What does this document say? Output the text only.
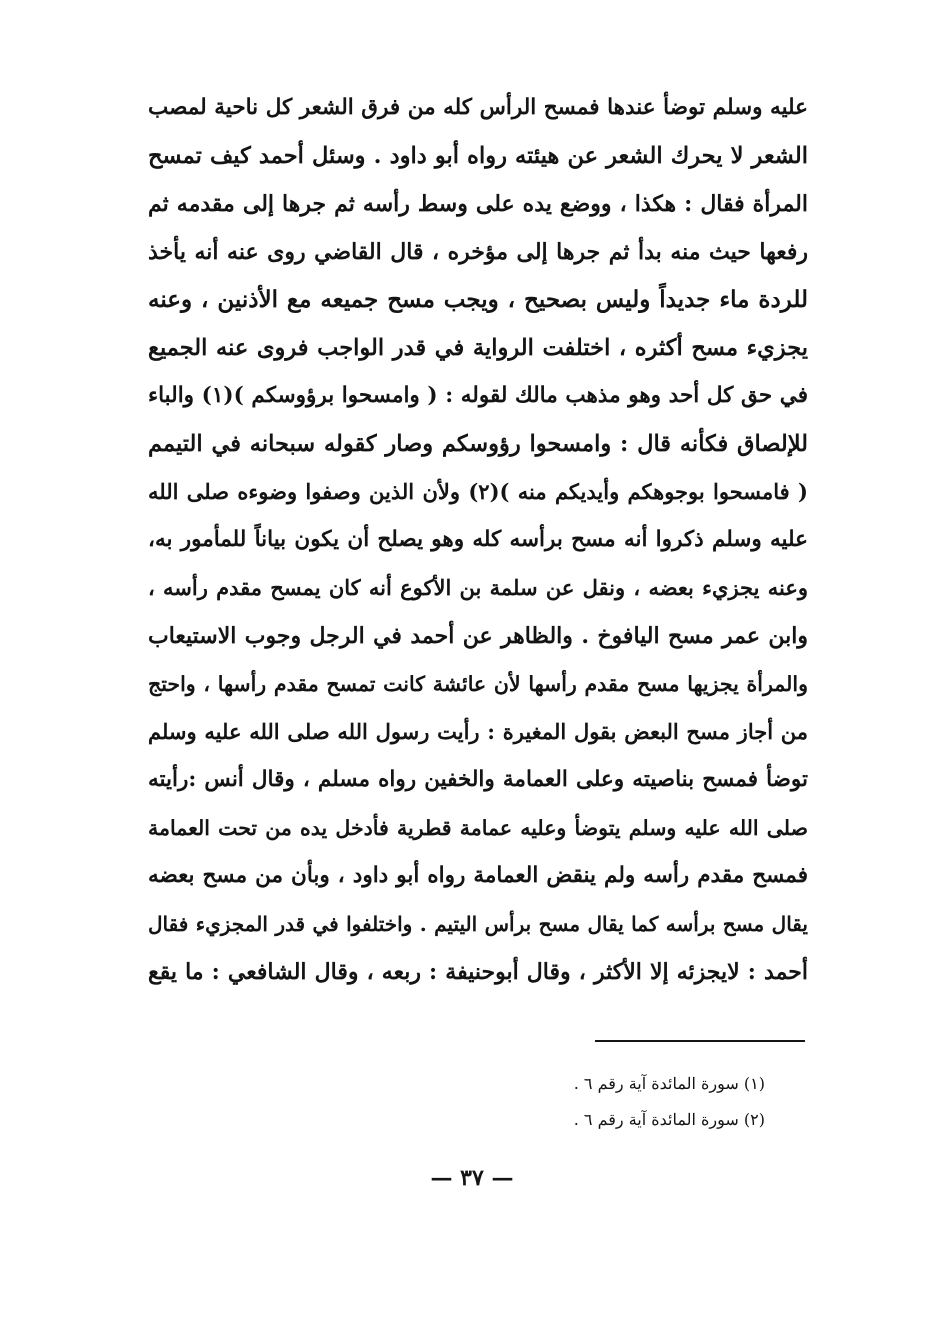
عليه وسلم توضأ عندها فمسح الرأس كله من فرق الشعر كل ناحية لمصب
الشعر لا يحرك الشعر عن هيئته رواه أبو داود . وسئل أحمد كيف تمسح
المرأة فقال : هكذا ، ووضع يده على وسط رأسه ثم جرها إلى مقدمه ثم
رفعها حيث منه بدأ ثم جرها إلى مؤخره ، قال القاضي روى عنه أنه يأخذ
للردة ماء جديداً وليس بصحيح ، ويجب مسح جميعه مع الأذنين ، وعنه
يجزيء مسح أكثره ، اختلفت الرواية في قدر الواجب فروى عنه الجميع
في حق كل أحد وهو مذهب مالك لقوله : ( وامسحوا برؤوسكم )(١) والباء
للإلصاق فكأنه قال : وامسحوا رؤوسكم وصار كقوله سبحانه في التيمم
( فامسحوا بوجوهكم وأيديكم منه )(٢) ولأن الذين وصفوا وضوءه صلى الله
عليه وسلم ذكروا أنه مسح برأسه كله وهو يصلح أن يكون بياناً للمأمور به،
وعنه يجزيء بعضه ، ونقل عن سلمة بن الأكوع أنه كان يمسح مقدم رأسه ،
وابن عمر مسح اليافوخ . والظاهر عن أحمد في الرجل وجوب الاستيعاب
والمرأة يجزيها مسح مقدم رأسها لأن عائشة كانت تمسح مقدم رأسها ، واحتج
من أجاز مسح البعض بقول المغيرة : رأيت رسول الله صلى الله عليه وسلم
توضأ فمسح بناصيته وعلى العمامة والخفين رواه مسلم ، وقال أنس :رأيته
صلى الله عليه وسلم يتوضأ وعليه عمامة قطرية فأدخل يده من تحت العمامة
فمسح مقدم رأسه ولم ينقض العمامة رواه أبو داود ، وبأن من مسح بعضه
يقال مسح برأسه كما يقال مسح برأس اليتيم . واختلفوا في قدر المجزيء فقال
أحمد : لايجزئه إلا الأكثر ، وقال أبوحنيفة : ربعه ، وقال الشافعي : ما يقع
(١) سورة المائدة آية رقم ٦ .
(٢) سورة المائدة آية رقم ٦ .
— ٣٧ —
